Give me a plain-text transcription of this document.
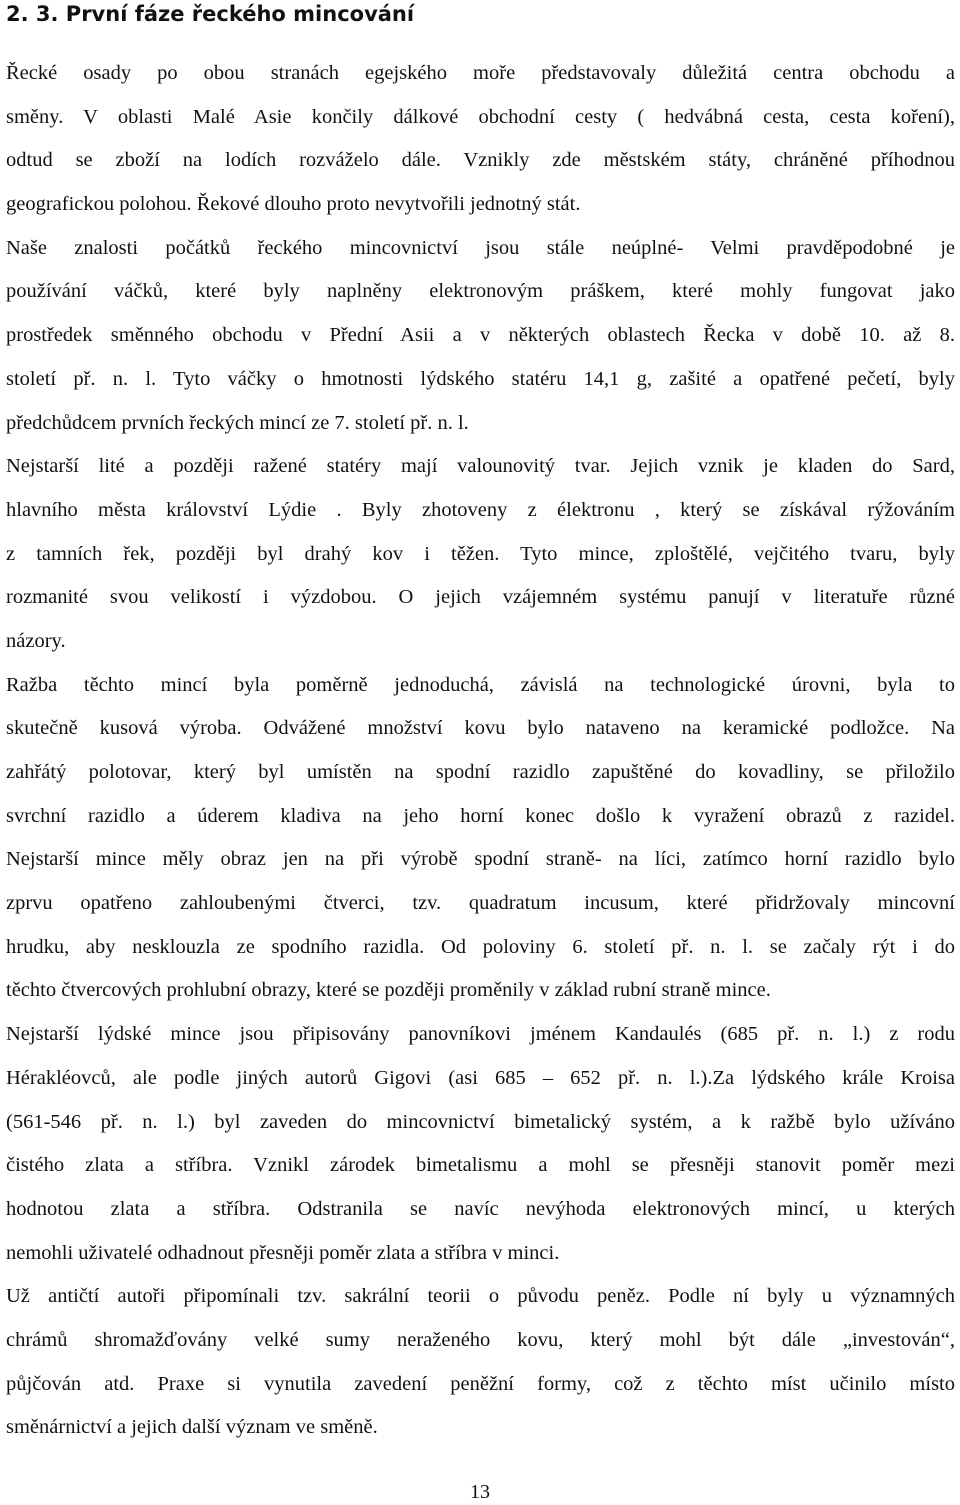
2. 3. První fáze řeckého mincování
Řecké osady po obou stranách egejského moře představovaly důležitá centra obchodu a
směny. V oblasti Malé Asie končily dálkové obchodní cesty ( hedvábná cesta, cesta koření),
odtud se zboží na lodích rozváželo dále. Vznikly zde městském státy, chráněné příhodnou
geografickou polohou. Řekové dlouho proto nevytvořili jednotný stát.
Naše znalosti počátků řeckého mincovnictví jsou stále neúplné- Velmi pravděpodobné je
používání váčků, které byly naplněny elektronovým práškem, které mohly fungovat jako
prostředek směnného obchodu v Přední Asii a v některých oblastech Řecka v době 10. až 8.
století př. n. l. Tyto váčky o hmotnosti lýdského statéru 14,1 g, zašité a opatřené pečetí, byly
předchůdcem prvních řeckých mincí ze 7. století př. n. l.
Nejstarší lité a později ražené statéry mají valounovitý tvar. Jejich vznik je kladen do Sard,
hlavního města království Lýdie . Byly zhotoveny z élektronu , který se získával rýžováním
z tamních řek, později byl drahý kov i těžen. Tyto mince, zploštělé, vejčitého tvaru, byly
rozmanité svou velikostí i výzdobou. O jejich vzájemném systému panují v literatuře různé
názory.
Ražba těchto mincí byla poměrně jednoduchá, závislá na technologické úrovni, byla to
skutečně kusová výroba. Odvážené množství kovu bylo nataveno na keramické podložce. Na
zahřátý polotovar, který byl umístěn na spodní razidlo zapuštěné do kovadliny, se přiložilo
svrchní razidlo a úderem kladiva na jeho horní konec došlo k vyražení obrazů z razidel.
Nejstarší mince měly obraz jen na při výrobě spodní straně- na líci, zatímco horní razidlo bylo
zprvu opatřeno zahloubenými čtverci, tzv. quadratum incusum, které přidržovaly mincovní
hrudku, aby nesklouzla ze spodního razidla. Od poloviny 6. století př. n. l. se začaly rýt i do
těchto čtvercových prohlubní obrazy, které se později proměnily v základ rubní straně mince.
Nejstarší lýdské mince jsou připisovány panovníkovi jménem Kandaulés (685 př. n. l.) z rodu
Hérakléovců, ale podle jiných autorů Gigovi (asi 685 – 652 př. n. l.).Za lýdského krále Kroisa
(561-546 př. n. l.) byl zaveden do mincovnictví bimetalický systém, a k ražbě bylo užíváno
čistého zlata a stříbra. Vznikl zárodek bimetalismu a mohl se přesněji stanovit poměr mezi
hodnotou zlata a stříbra. Odstranila se navíc nevýhoda elektronových mincí, u kterých
nemohli uživatelé odhadnout přesněji poměr zlata a stříbra v minci.
Už antičtí autoři připomínali tzv. sakrální teorii o původu peněz. Podle ní byly u významných
chrámů shromažďovány velké sumy neraženého kovu, který mohl být dále „investován“,
půjčován atd. Praxe si vynutila zavedení peněžní formy, což z těchto míst učinilo místo
směnárnictví a jejich další význam ve směně.
13
